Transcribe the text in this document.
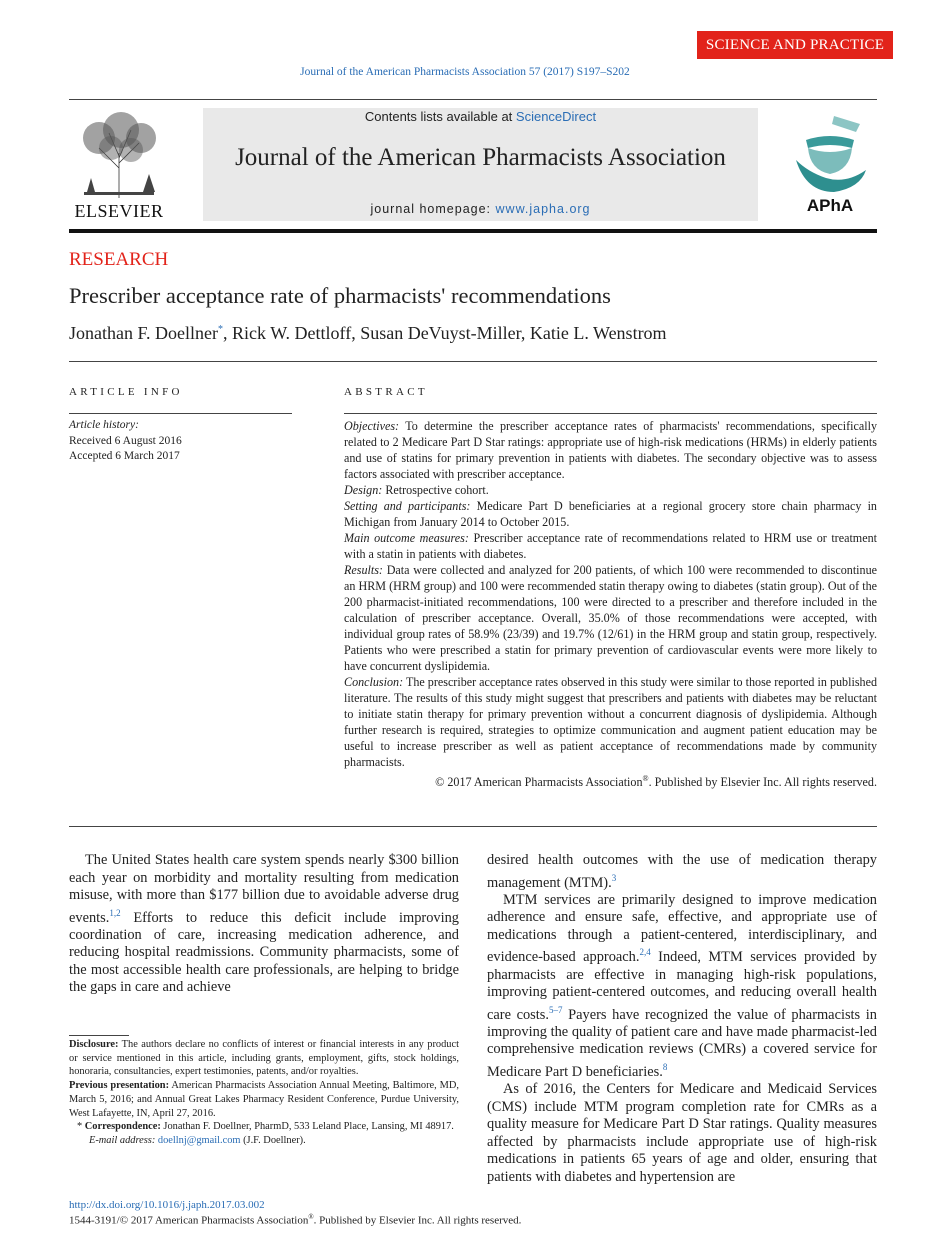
SCIENCE AND PRACTICE
Journal of the American Pharmacists Association 57 (2017) S197–S202
ELSEVIER
Contents lists available at ScienceDirect
Journal of the American Pharmacists Association
journal homepage: www.japha.org	APhA
RESEARCH
Prescriber acceptance rate of pharmacists' recommendations
Jonathan F. Doellner*, Rick W. Dettloff, Susan DeVuyst-Miller, Katie L. Wenstrom
ARTICLE INFO
Article history:
Received 6 August 2016
Accepted 6 March 2017
ABSTRACT

Objectives: To determine the prescriber acceptance rates of pharmacists' recommendations, specifically related to 2 Medicare Part D Star ratings: appropriate use of high-risk medications (HRMs) in elderly patients and use of statins for primary prevention in patients with diabetes. The secondary objective was to assess factors associated with prescriber acceptance.

Design: Retrospective cohort.

Setting and participants: Medicare Part D beneficiaries at a regional grocery store chain pharmacy in Michigan from January 2014 to October 2015.

Main outcome measures: Prescriber acceptance rate of recommendations related to HRM use or treatment with a statin in patients with diabetes.

Results: Data were collected and analyzed for 200 patients, of which 100 were recommended to discontinue an HRM (HRM group) and 100 were recommended statin therapy owing to diabetes (statin group). Out of the 200 pharmacist-initiated recommendations, 100 were directed to a prescriber and therefore included in the calculation of prescriber acceptance. Overall, 35.0% of those recommendations were accepted, with individual group rates of 58.9% (23/39) and 19.7% (12/61) in the HRM group and statin group, respectively. Patients who were prescribed a statin for primary prevention of cardiovascular events were more likely to have concurrent dyslipidemia.

Conclusion: The prescriber acceptance rates observed in this study were similar to those reported in published literature. The results of this study might suggest that prescribers and patients with diabetes may be reluctant to initiate statin therapy for primary prevention without a concurrent diagnosis of dyslipidemia. Although further research is required, strategies to optimize communication and augment patient education may be useful to increase prescriber as well as patient acceptance of recommendations made by community pharmacists.

© 2017 American Pharmacists Association®. Published by Elsevier Inc. All rights reserved.

The United States health care system spends nearly $300 billion each year on morbidity and mortality resulting from medication misuse, with more than $177 billion due to avoidable adverse drug events.$^{1,2}$ Efforts to reduce this deficit include improving coordination of care, increasing medication adherence, and reducing hospital readmissions. Community pharmacists, some of the most accessible health care professionals, are helping to bridge the gaps in care and achieve

desired health outcomes with the use of medication therapy management (MTM).$^3$

MTM services are primarily designed to improve medication adherence and ensure safe, effective, and appropriate use of medications through a patient-centered, interdisciplinary, and evidence-based approach.$^{2,4}$ Indeed, MTM services provided by pharmacists are effective in managing high-risk populations, improving patient-centered outcomes, and reducing overall health care costs.$^{5-7}$ Payers have recognized the value of pharmacists in improving the quality of patient care and have made pharmacist-led comprehensive medication reviews (CMRs) a covered service for Medicare Part D beneficiaries.$^8$

As of 2016, the Centers for Medicare and Medicaid Services (CMS) include MTM program completion rate for CMRs as a quality measure for Medicare Part D Star ratings. Quality measures affected by pharmacists include appropriate use of high-risk medications in patients 65 years of age and older, ensuring that patients with diabetes and hypertension are

Disclosure: The authors declare no conflicts of interest or financial interests in any product or service mentioned in this article, including grants, employment, gifts, stock holdings, honoraria, consultancies, expert testimonies, patents, and/or royalties.

Previous presentation: American Pharmacists Association Annual Meeting, Baltimore, MD, March 5, 2016; and Annual Great Lakes Pharmacy Resident Conference, Purdue University, West Lafayette, IN, April 27, 2016.

* Correspondence: Jonathan F. Doellner, PharmD, 533 Leland Place, Lansing, MI 48917.

E-mail address: doellnj@gmail.com (J.F. Doellner).

http://dx.doi.org/10.1016/j.japh.2017.03.002
1544-3191/© 2017 American Pharmacists Association®. Published by Elsevier Inc. All rights reserved.
